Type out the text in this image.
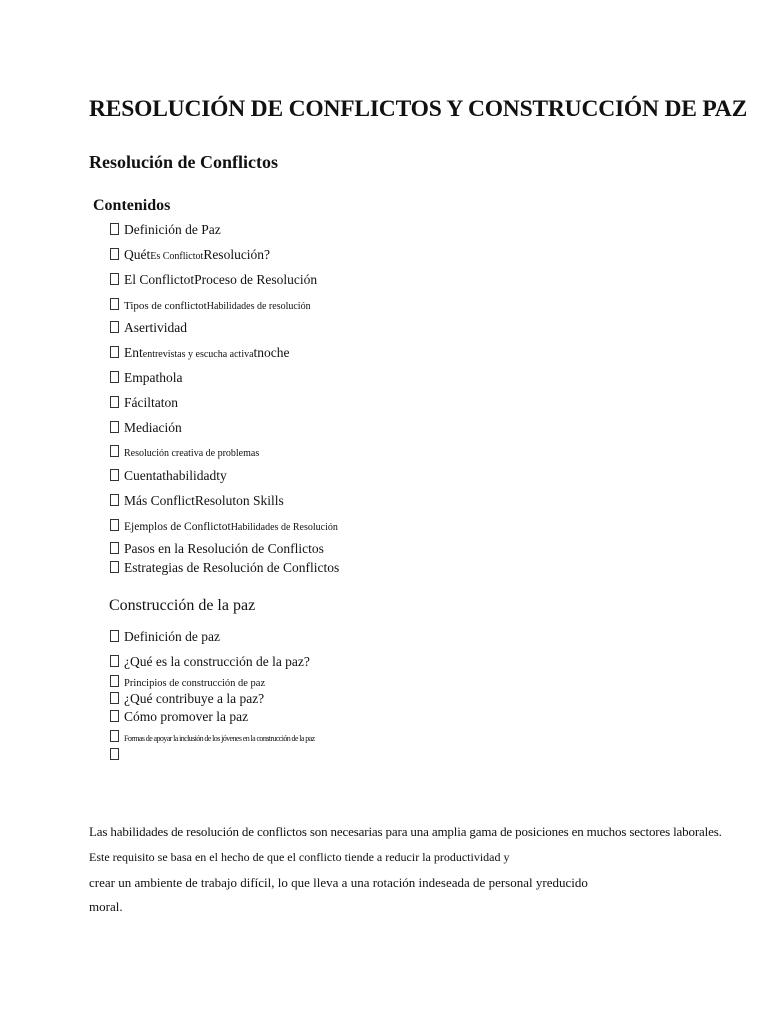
RESOLUCIÓN DE CONFLICTOS Y CONSTRUCCIÓN DE PAZ
Resolución de Conflictos
Contenidos
Definición de Paz
QuétEs ConflictotResolución?
El ConflictotProceso de Resolución
Tipos de conflictotHabilidades de resolución
Asertividad
Ententrevistas y escucha activatnoche
Empathola
Fáciltaton
Mediación
Resolución creativa de problemas
Cuentathabilidadty
Más ConflictResoluton Skills
Ejemplos de ConflictotHabilidades de Resolución
Pasos en la Resolución de Conflictos
Estrategias de Resolución de Conflictos
Construcción de la paz
Definición de paz
¿Qué es la construcción de la paz?
Principios de construcción de paz
¿Qué contribuye a la paz?
Cómo promover la paz
Formas de apoyar la inclusión de los jóvenes en la construcción de la paz
Las habilidades de resolución de conflictos son necesarias para una amplia gama de posiciones en muchos sectores laborales.
Este requisito se basa en el hecho de que el conflicto tiende a reducir la productividad y
crear un ambiente de trabajo difícil, lo que lleva a una rotación indeseada de personal yreducido
moral.
